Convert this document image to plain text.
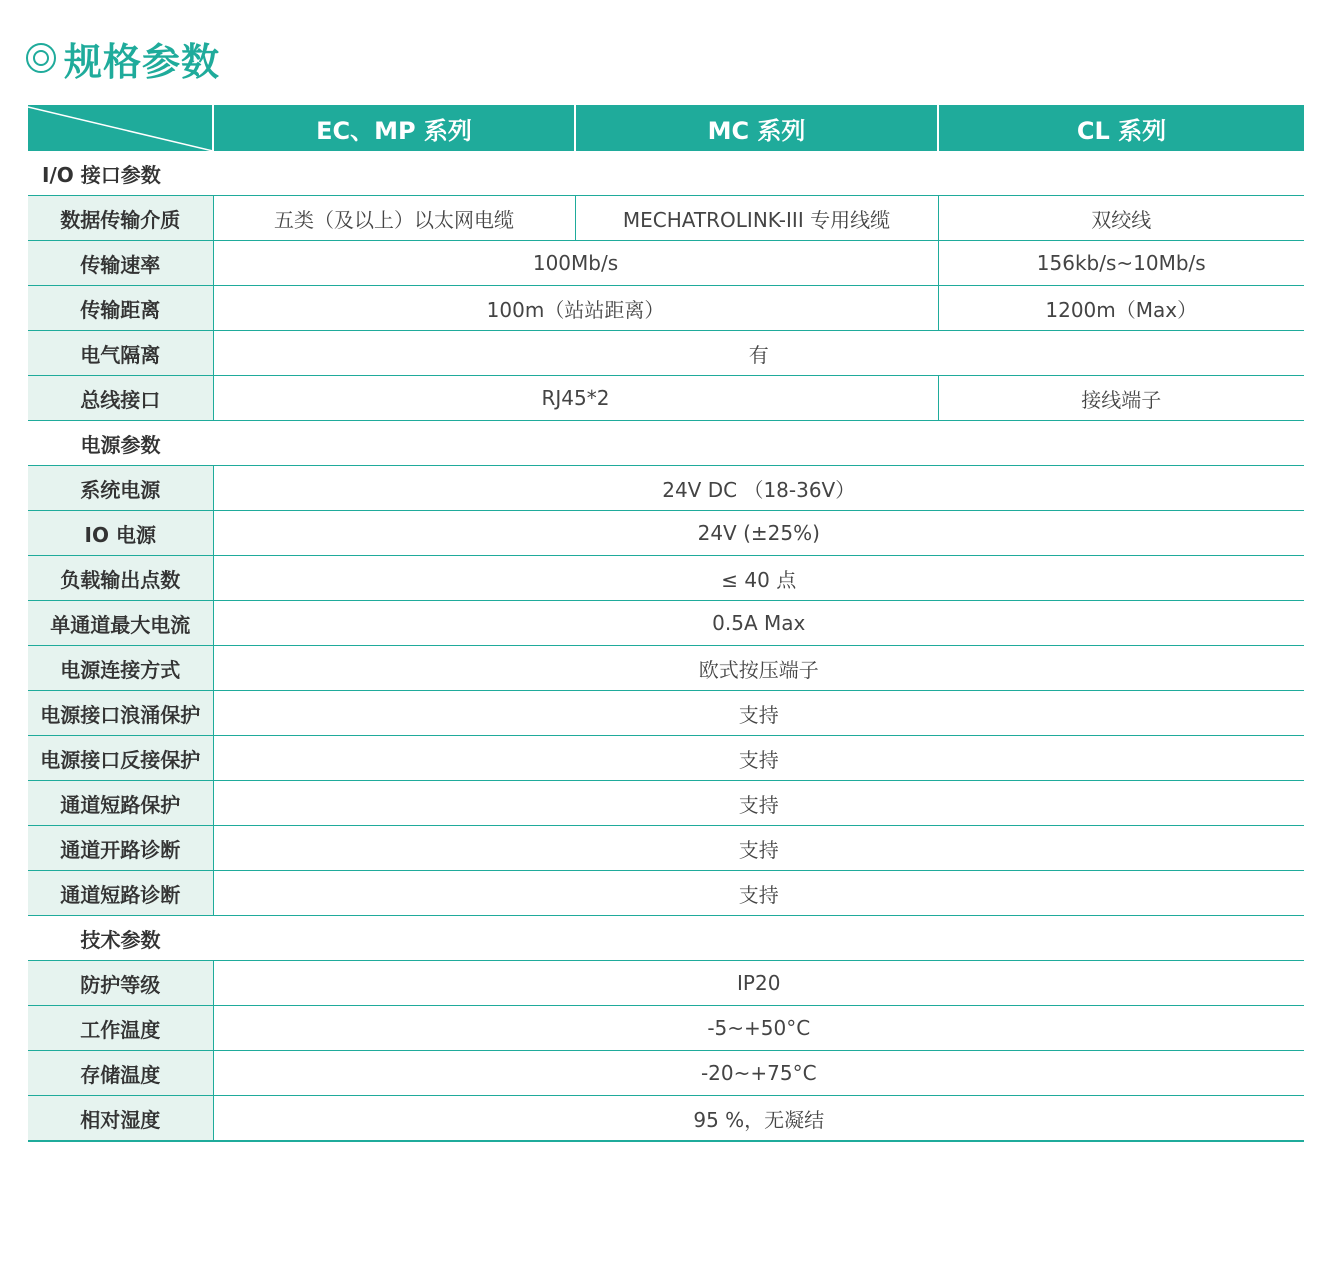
规格参数
	EC、MP 系列	MC 系列	CL 系列
I/O 接口参数			
数据传输介质	五类（及以上）以太网电缆	MECHATROLINK-III 专用线缆	双绞线
传输速率	100Mb/s		156kb/s~10Mb/s
传输距离	100m（站站距离）		1200m（Max）
电气隔离	有		
总线接口	RJ45*2		接线端子
电源参数			
系统电源	24V DC （18-36V）		
IO 电源	24V (±25%)		
负载输出点数	≤ 40 点		
单通道最大电流	0.5A Max		
电源连接方式	欧式按压端子		
电源接口浪涌保护	支持		
电源接口反接保护	支持		
通道短路保护	支持		
通道开路诊断	支持		
通道短路诊断	支持		
技术参数			
防护等级	IP20		
工作温度	-5~+50°C		
存储温度	-20~+75°C		
相对湿度	95 %，无凝结		
